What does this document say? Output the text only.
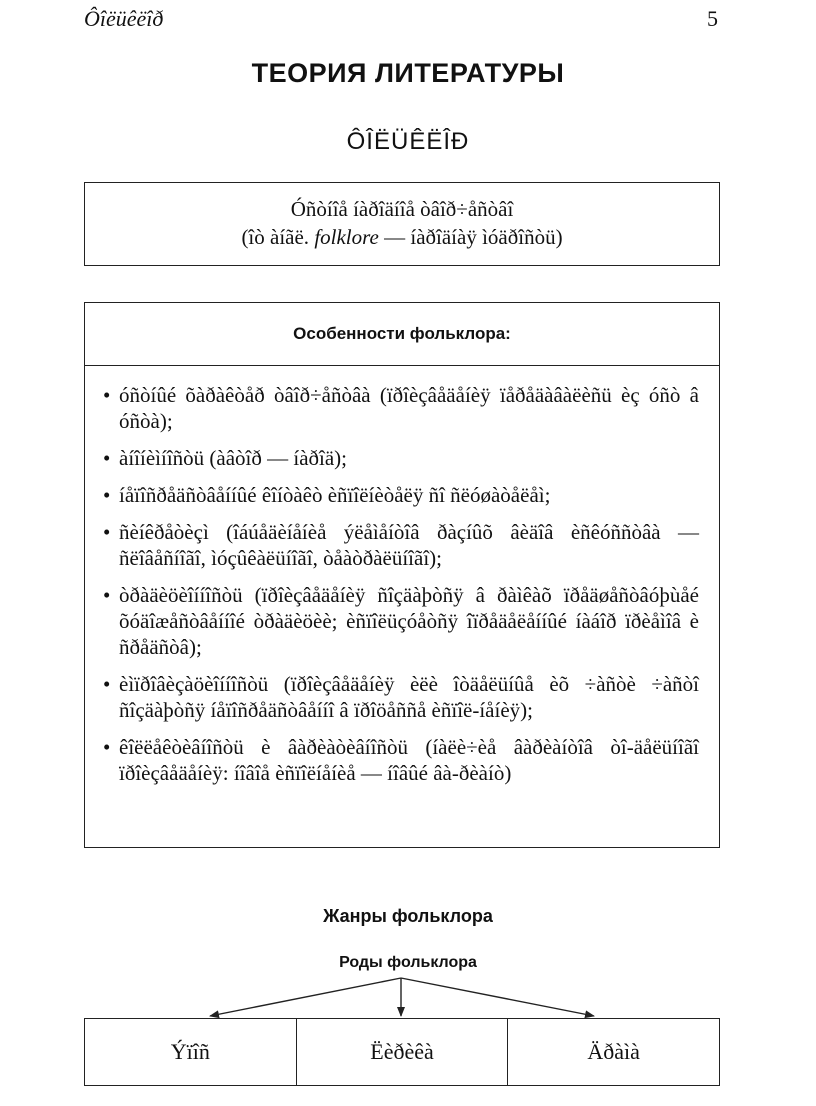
Ôîëüêëîð	5
ТЕОРИЯ ЛИТЕРАТУРЫ
ÔÎËÜÊËÎÐ
Óñòíîå íàðîäíîå òâîð÷åñòâî
(îò àíãë. folklore — íàðîäíàÿ ìóäðîñòü)
Особенности фольклора:
• óñòíûé õàðàêòåð òâîð÷åñòâà (ïðîèçâåäåíèÿ ïåðåäàâàëèñü èç óñò â óñòà);
• àíîíèìíîñòü (àâòîð — íàðîä);
• íåïîñðåäñòâåííûé êîíòàêò èñïîëíèòåëÿ ñî ñëóøàòåëåì;
• ñèíêðåòèçì (îáúåäèíåíèå ýëåìåíòîâ ðàçíûõ âèäîâ èñêóññòâà — ñëîâåñíîãî, ìóçûêàëüíîãî, òåàòðàëüíîãî);
• òðàäèöèîííîñòü (ïðîèçâåäåíèÿ ñîçäàþòñÿ â ðàìêàõ ïðåäøåñòâóþùåé õóäîæåñòâåííîé òðàäèöèè; èñïîëüçóåòñÿ îïðåäåëåííûé íàáîð ïðèåìîâ è ñðåäñòâ);
• èìïðîâèçàöèîííîñòü (ïðîèçâåäåíèÿ èëè îòäåëüíûå èõ ÷àñòè ÷àñòî ñîçäàþòñÿ íåïîñðåäñòâåííî â ïðîöåññå èñïîë-íåíèÿ);
• êîëëåêòèâíîñòü è âàðèàòèâíîñòü (íàëè÷èå âàðèàíòîâ òî-äåëüíîãî ïðîèçâåäåíèÿ: íîâîå èñïîëíåíèå — íîâûé âà-ðèàíò)
Жанры фольклора
Роды фольклора
Ýïîñ	Ëèðèêà	Äðàìà
